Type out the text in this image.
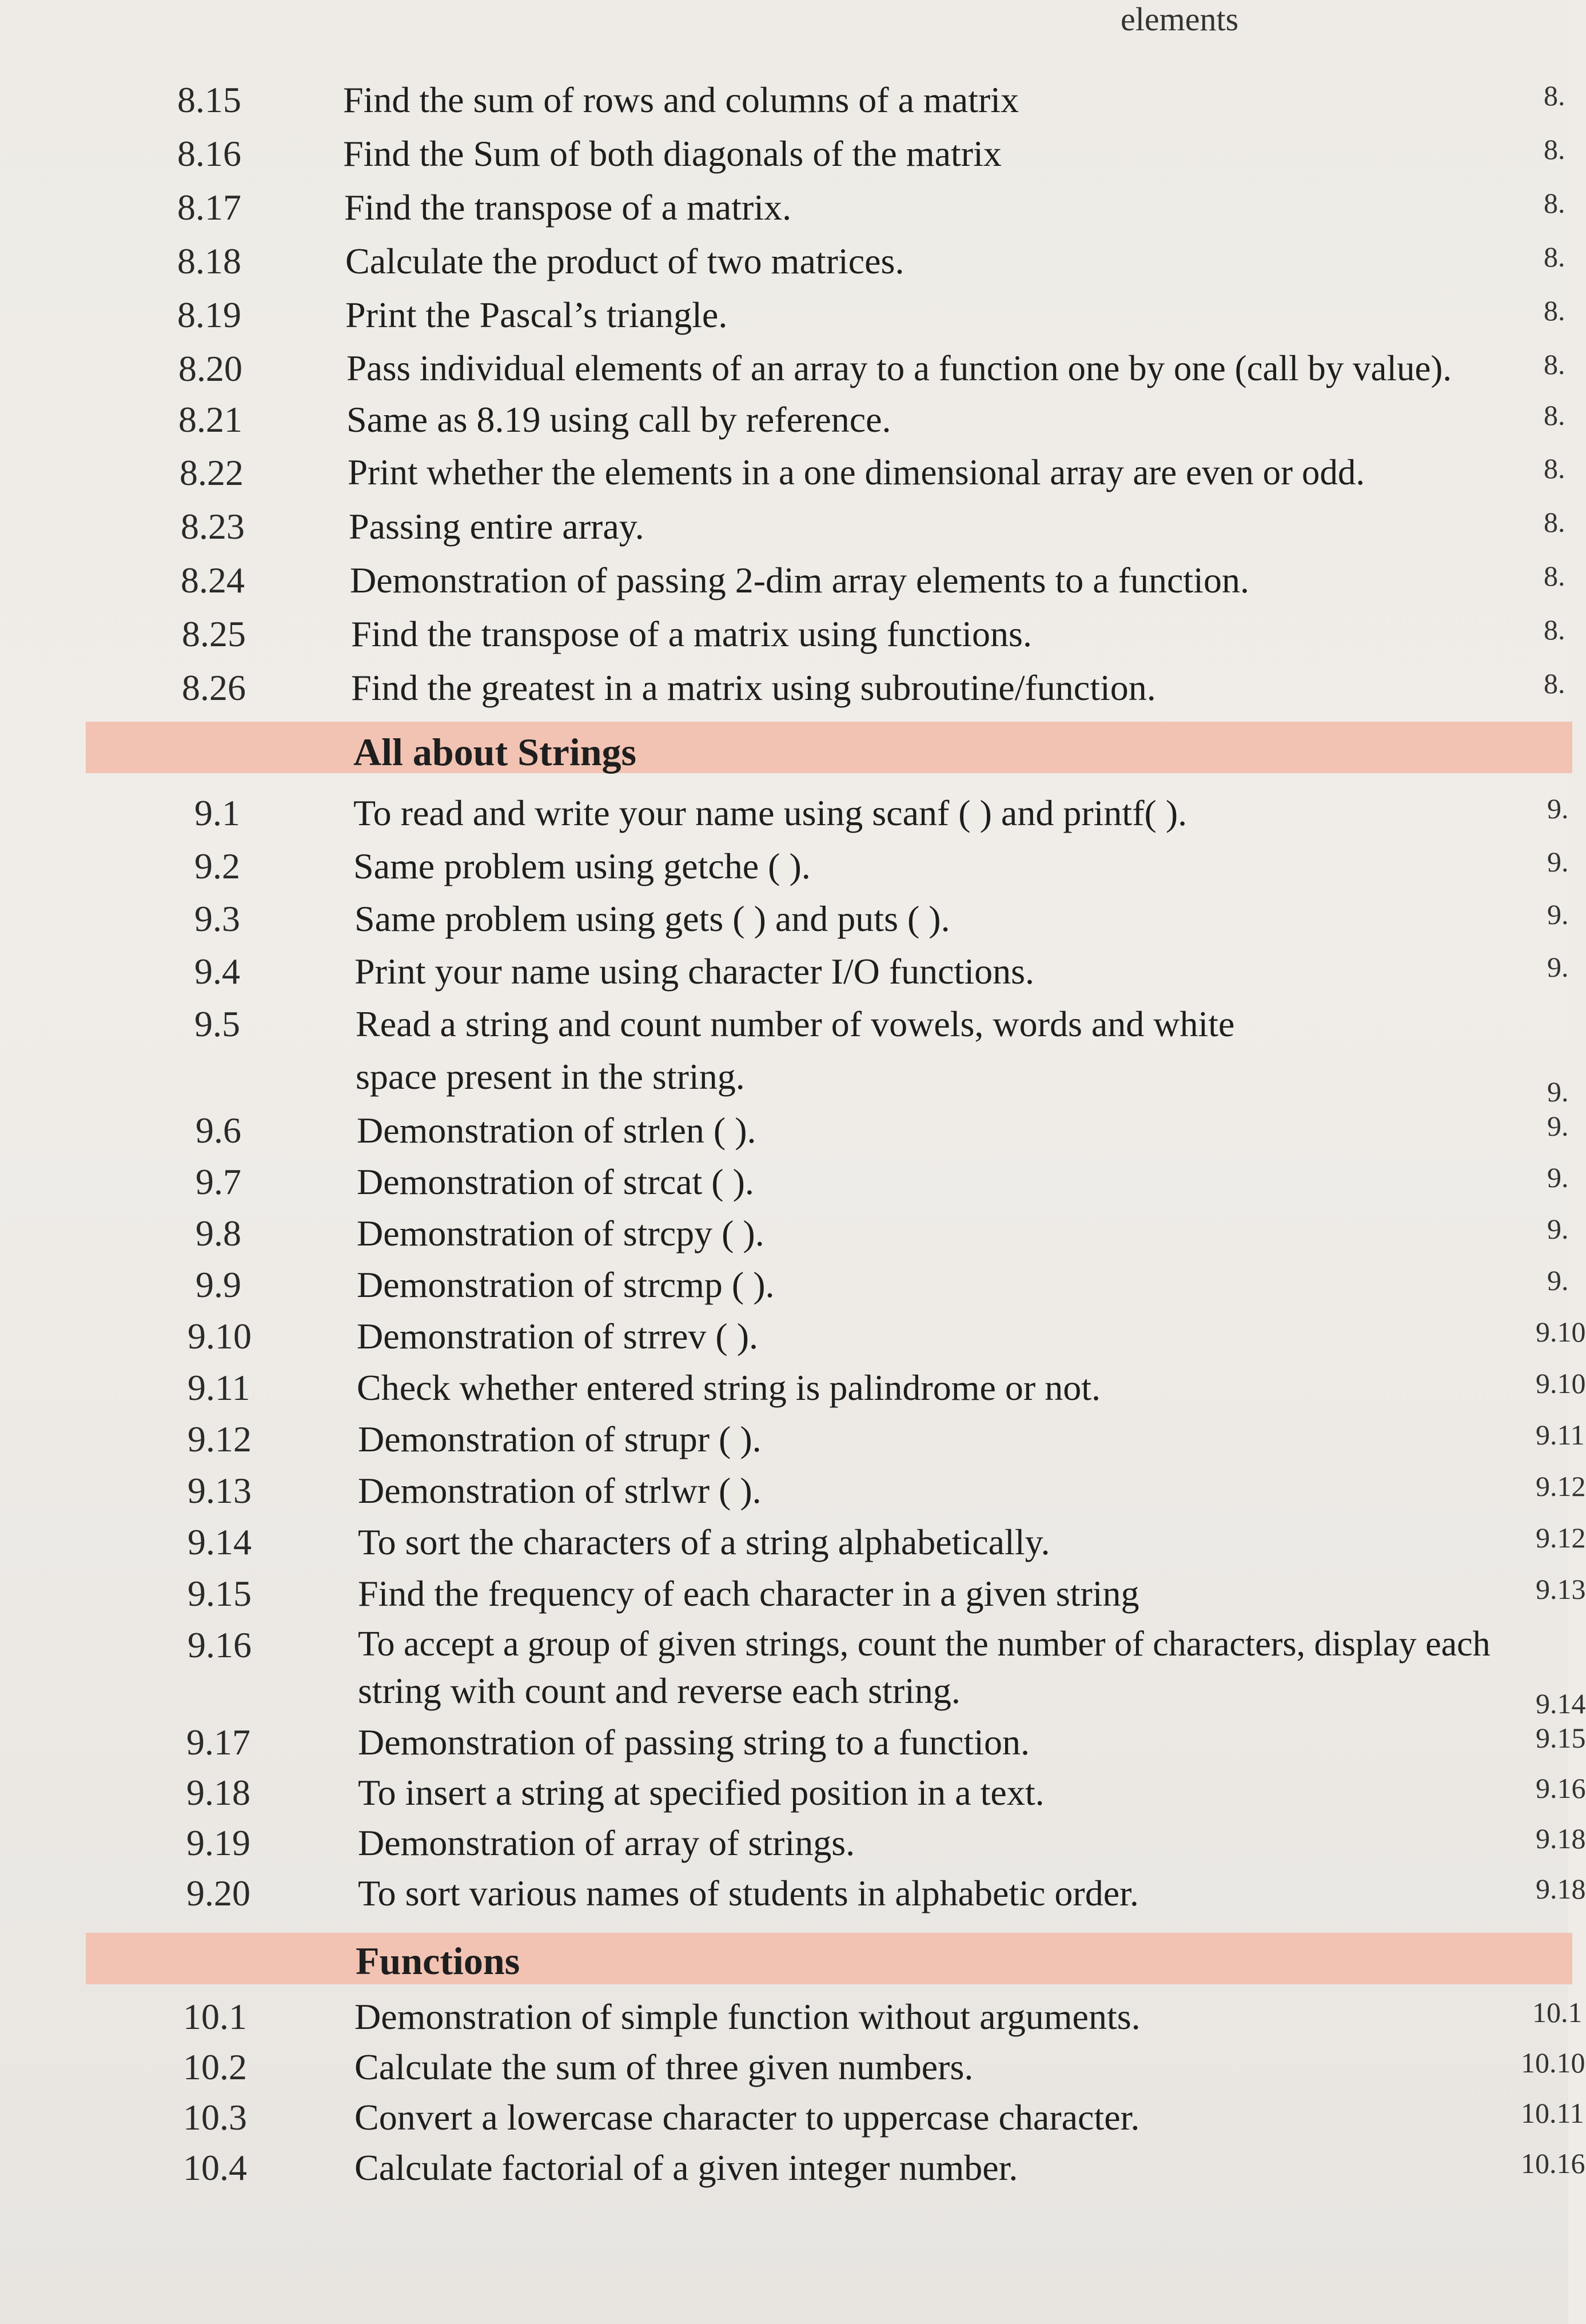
elements
8.15	Find the sum of rows and columns of a matrix	8.
8.16	Find the Sum of both diagonals of the matrix	8.
8.17	Find the transpose of a matrix.	8.
8.18	Calculate the product of two matrices.	8.
8.19	Print the Pascal’s triangle.	8.
8.20	Pass individual elements of an array to a function one by one (call by value).	8.
8.21	Same as 8.19 using call by reference.	8.
8.22	Print whether the elements in a one dimensional array are even or odd.	8.
8.23	Passing entire array.	8.
8.24	Demonstration of passing 2-dim array elements to a function.	8.
8.25	Find the transpose of a matrix using functions.	8.
8.26	Find the greatest in a matrix using subroutine/function.	8.
All about Strings
9.1	To read and write your name using scanf ( ) and printf( ).	9.
9.2	Same problem using getche ( ).	9.
9.3	Same problem using gets ( ) and puts ( ).	9.
9.4	Print your name using character I/O functions.	9.
9.5	Read a string and count number of vowels, words and white
space present in the string.	9.
9.6	Demonstration of strlen ( ).	9.
9.7	Demonstration of strcat ( ).	9.
9.8	Demonstration of strcpy ( ).	9.
9.9	Demonstration of strcmp ( ).	9.
9.10	Demonstration of strrev ( ).	9.10
9.11	Check whether entered string is palindrome or not.	9.10
9.12	Demonstration of strupr ( ).	9.11
9.13	Demonstration of strlwr ( ).	9.12
9.14	To sort the characters of a string alphabetically.	9.12
9.15	Find the frequency of each character in a given string	9.13
9.16	To accept a group of given strings, count the number of characters, display each
string with count and reverse each string.	9.14
9.17	Demonstration of passing string to a function.	9.15
9.18	To insert a string at specified position in a text.	9.16
9.19	Demonstration of array of strings.	9.18
9.20	To sort various names of students in alphabetic order.	9.18
Functions
10.1	Demonstration of simple function without arguments.	10.1
10.2	Calculate the sum of three given numbers.	10.10
10.3	Convert a lowercase character to uppercase character.	10.11
10.4	Calculate factorial of a given integer number.	10.16
